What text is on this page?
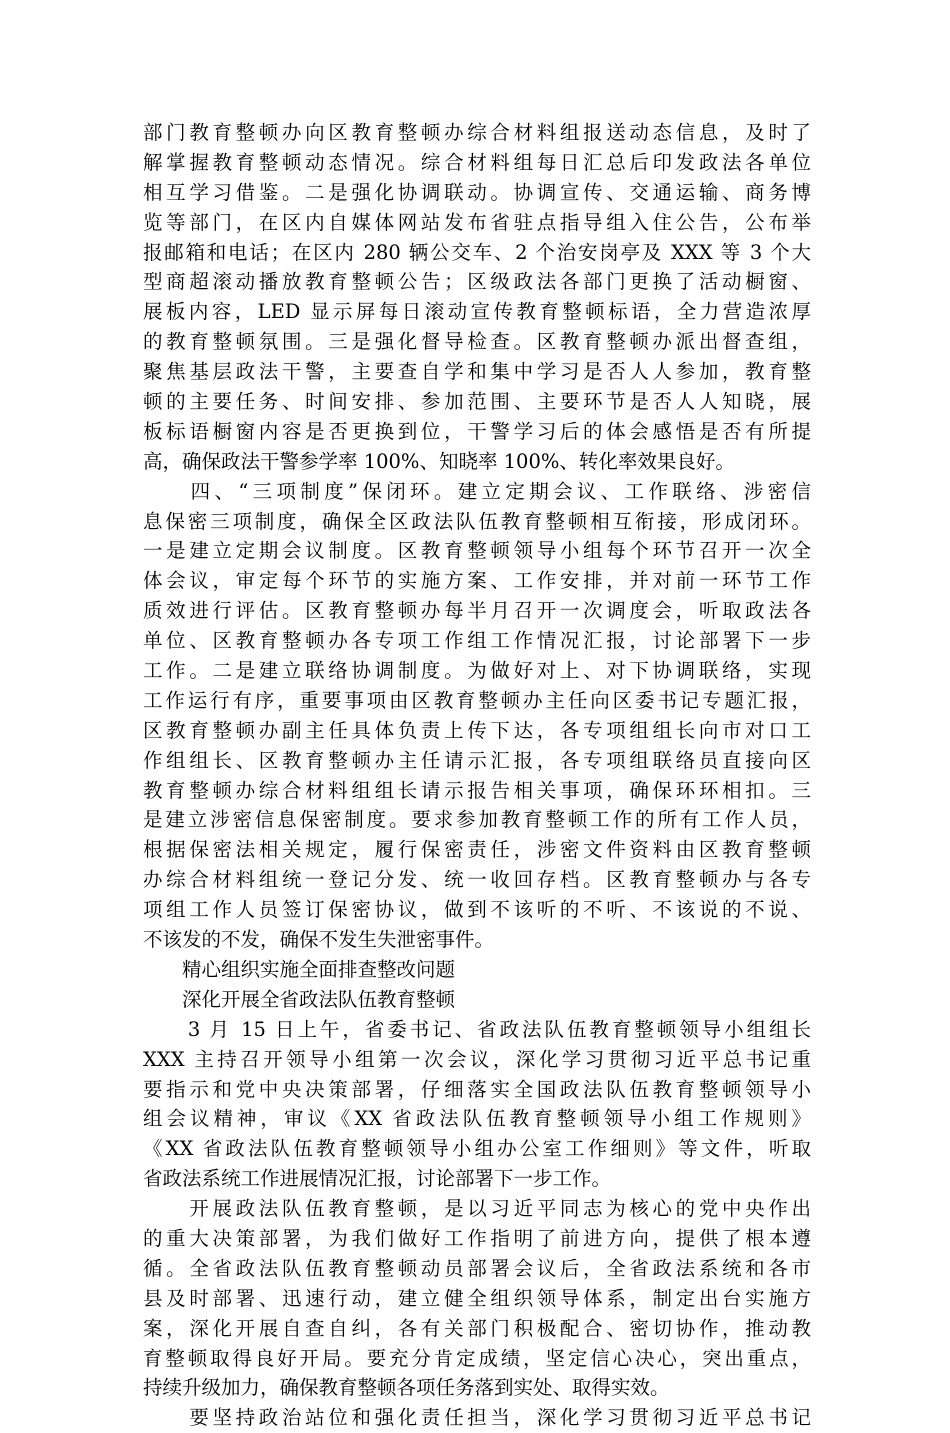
部门教育整顿办向区教育整顿办综合材料组报送动态信息，及时了
解掌握教育整顿动态情况。综合材料组每日汇总后印发政法各单位
相互学习借鉴。二是强化协调联动。协调宣传、交通运输、商务博
览等部门，在区内自媒体网站发布省驻点指导组入住公告，公布举
报邮箱和电话；在区内 280 辆公交车、2 个治安岗亭及 XXX 等 3 个大
型商超滚动播放教育整顿公告；区级政法各部门更换了活动橱窗、
展板内容，LED 显示屏每日滚动宣传教育整顿标语，全力营造浓厚
的教育整顿氛围。三是强化督导检查。区教育整顿办派出督查组，
聚焦基层政法干警，主要查自学和集中学习是否人人参加，教育整
顿的主要任务、时间安排、参加范围、主要环节是否人人知晓，展
板标语橱窗内容是否更换到位，干警学习后的体会感悟是否有所提
高，确保政法干警参学率 100%、知晓率 100%、转化率效果良好。
　　四、“三项制度”保闭环。建立定期会议、工作联络、涉密信
息保密三项制度，确保全区政法队伍教育整顿相互衔接，形成闭环。
一是建立定期会议制度。区教育整顿领导小组每个环节召开一次全
体会议，审定每个环节的实施方案、工作安排，并对前一环节工作
质效进行评估。区教育整顿办每半月召开一次调度会，听取政法各
单位、区教育整顿办各专项工作组工作情况汇报，讨论部署下一步
工作。二是建立联络协调制度。为做好对上、对下协调联络，实现
工作运行有序，重要事项由区教育整顿办主任向区委书记专题汇报，
区教育整顿办副主任具体负责上传下达，各专项组组长向市对口工
作组组长、区教育整顿办主任请示汇报，各专项组联络员直接向区
教育整顿办综合材料组组长请示报告相关事项，确保环环相扣。三
是建立涉密信息保密制度。要求参加教育整顿工作的所有工作人员，
根据保密法相关规定，履行保密责任，涉密文件资料由区教育整顿
办综合材料组统一登记分发、统一收回存档。区教育整顿办与各专
项组工作人员签订保密协议，做到不该听的不听、不该说的不说、
不该发的不发，确保不发生失泄密事件。
　　精心组织实施全面排查整改问题
　　深化开展全省政法队伍教育整顿
　　3 月 15 日上午，省委书记、省政法队伍教育整顿领导小组组长
XXX 主持召开领导小组第一次会议，深化学习贯彻习近平总书记重
要指示和党中央决策部署，仔细落实全国政法队伍教育整顿领导小
组会议精神，审议《XX 省政法队伍教育整顿领导小组工作规则》
《XX 省政法队伍教育整顿领导小组办公室工作细则》等文件，听取
省政法系统工作进展情况汇报，讨论部署下一步工作。
　　开展政法队伍教育整顿，是以习近平同志为核心的党中央作出
的重大决策部署，为我们做好工作指明了前进方向，提供了根本遵
循。全省政法队伍教育整顿动员部署会议后，全省政法系统和各市
县及时部署、迅速行动，建立健全组织领导体系，制定出台实施方
案，深化开展自查自纠，各有关部门积极配合、密切协作，推动教
育整顿取得良好开局。要充分肯定成绩，坚定信心决心，突出重点，
持续升级加力，确保教育整顿各项任务落到实处、取得实效。
　　要坚持政治站位和强化责任担当，深化学习贯彻习近平总书记
